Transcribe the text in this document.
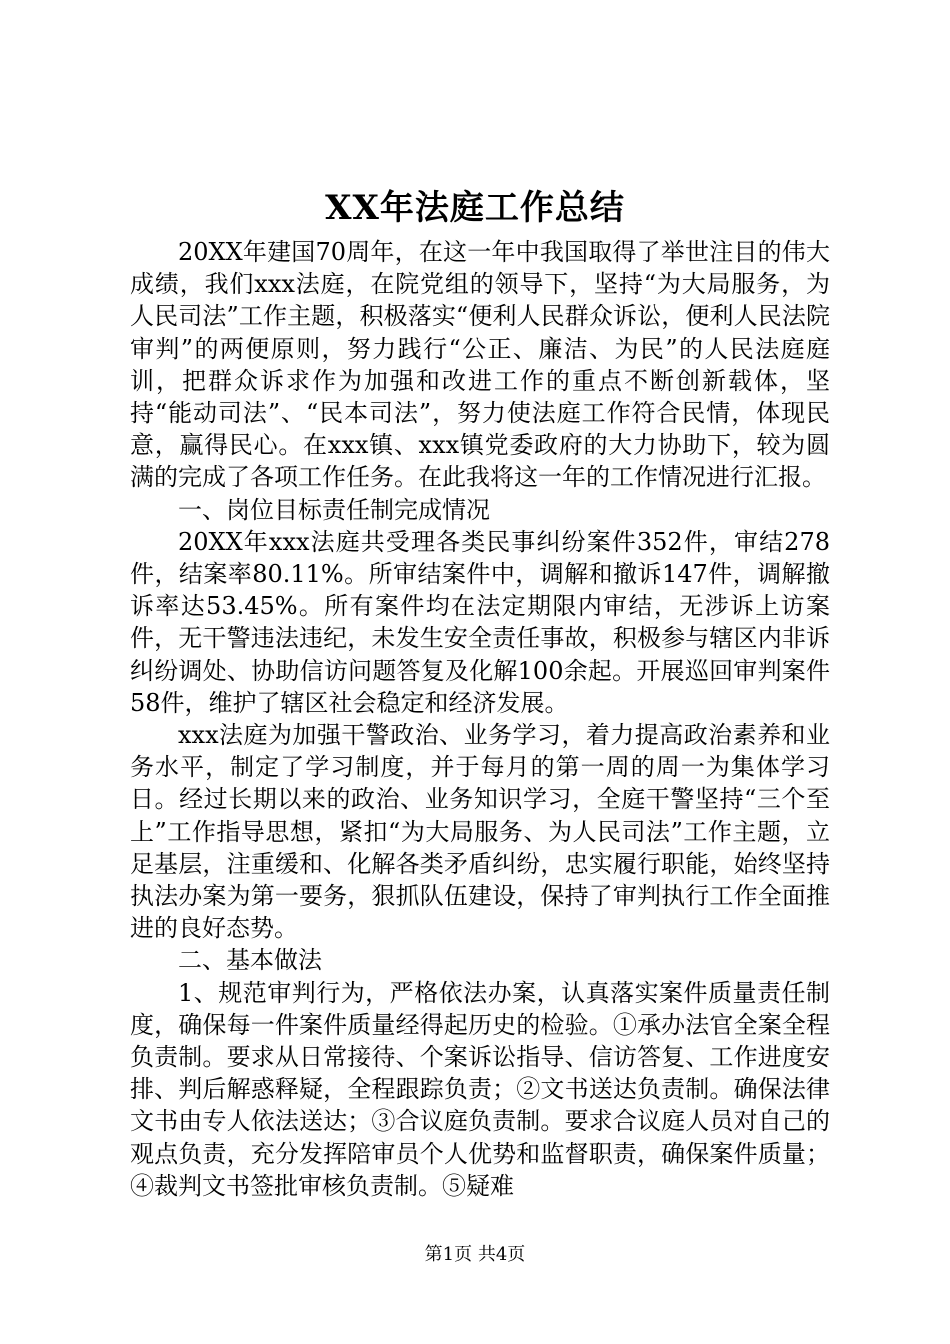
XX年法庭工作总结

20XX年建国70周年，在这一年中我国取得了举世注目的伟大成绩，我们xxx法庭，在院党组的领导下，坚持“为大局服务，为人民司法”工作主题，积极落实“便利人民群众诉讼，便利人民法院审判”的两便原则，努力践行“公正、廉洁、为民”的人民法庭庭训，把群众诉求作为加强和改进工作的重点不断创新载体，坚持“能动司法”、“民本司法”，努力使法庭工作符合民情，体现民意，赢得民心。在xxx镇、xxx镇党委政府的大力协助下，较为圆满的完成了各项工作任务。在此我将这一年的工作情况进行汇报。

一、岗位目标责任制完成情况

20XX年xxx法庭共受理各类民事纠纷案件352件，审结278件，结案率80.11%。所审结案件中，调解和撤诉147件，调解撤诉率达53.45%。所有案件均在法定期限内审结，无涉诉上访案件，无干警违法违纪，未发生安全责任事故，积极参与辖区内非诉纠纷调处、协助信访问题答复及化解100余起。开展巡回审判案件58件，维护了辖区社会稳定和经济发展。

xxx法庭为加强干警政治、业务学习，着力提高政治素养和业务水平，制定了学习制度，并于每月的第一周的周一为集体学习日。经过长期以来的政治、业务知识学习，全庭干警坚持“三个至上”工作指导思想，紧扣“为大局服务、为人民司法”工作主题，立足基层，注重缓和、化解各类矛盾纠纷，忠实履行职能，始终坚持执法办案为第一要务，狠抓队伍建设，保持了审判执行工作全面推进的良好态势。

二、基本做法

1、规范审判行为，严格依法办案，认真落实案件质量责任制度，确保每一件案件质量经得起历史的检验。①承办法官全案全程负责制。要求从日常接待、个案诉讼指导、信访答复、工作进度安排、判后解惑释疑，全程跟踪负责；②文书送达负责制。确保法律文书由专人依法送达；③合议庭负责制。要求合议庭人员对自己的观点负责，充分发挥陪审员个人优势和监督职责，确保案件质量；④裁判文书签批审核负责制。⑤疑难

第1页 共4页
